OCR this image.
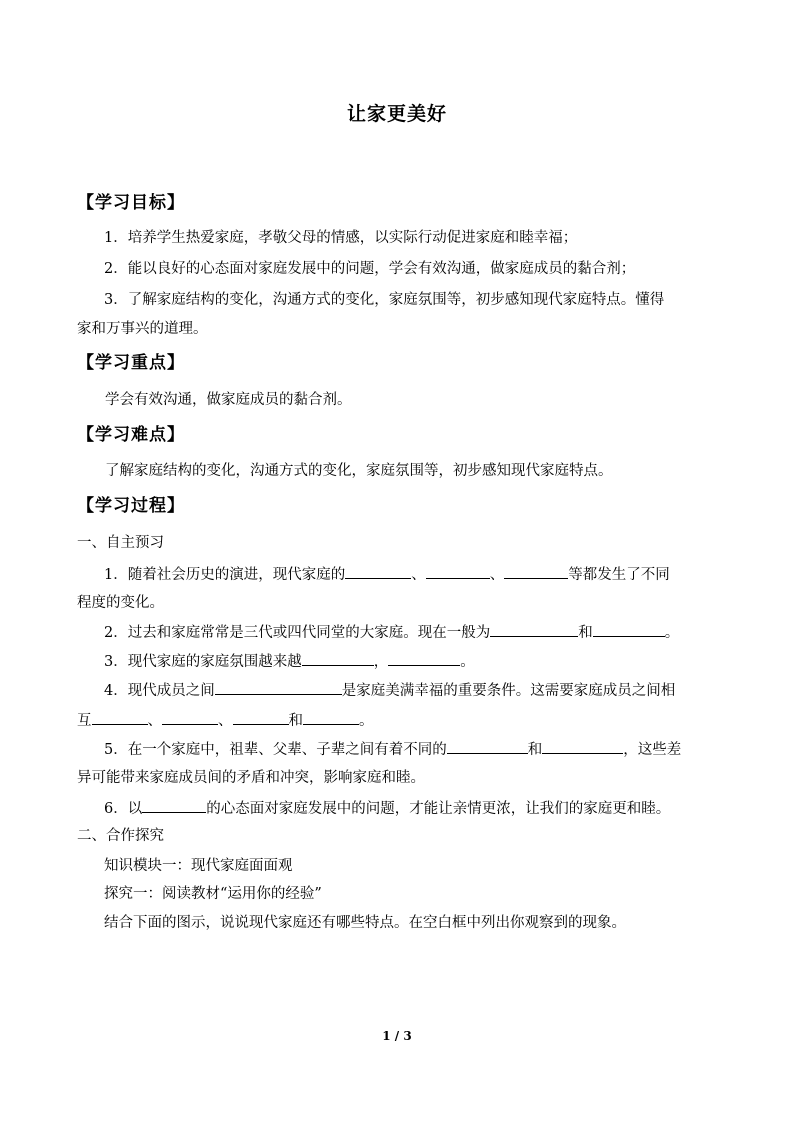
让家更美好
【学习目标】
1．培养学生热爱家庭，孝敬父母的情感，以实际行动促进家庭和睦幸福；
2．能以良好的心态面对家庭发展中的问题，学会有效沟通，做家庭成员的黏合剂；
3．了解家庭结构的变化，沟通方式的变化，家庭氛围等，初步感知现代家庭特点。懂得
家和万事兴的道理。
【学习重点】
学会有效沟通，做家庭成员的黏合剂。
【学习难点】
了解家庭结构的变化，沟通方式的变化，家庭氛围等，初步感知现代家庭特点。
【学习过程】
一、自主预习
1．随着社会历史的演进，现代家庭的	、	、	等都发生了不同
程度的变化。
2．过去和家庭常常是三代或四代同堂的大家庭。现在一般为	和	。
3．现代家庭的家庭氛围越来越	，	。
4．现代成员之间	是家庭美满幸福的重要条件。这需要家庭成员之间相
互	、	、	和	。
5．在一个家庭中，祖辈、父辈、子辈之间有着不同的	和	，这些差
异可能带来家庭成员间的矛盾和冲突，影响家庭和睦。
6．以	的心态面对家庭发展中的问题，才能让亲情更浓，让我们的家庭更和睦。
二、合作探究
知识模块一：现代家庭面面观
探究一：阅读教材“运用你的经验”
结合下面的图示，说说现代家庭还有哪些特点。在空白框中列出你观察到的现象。
1 / 3
